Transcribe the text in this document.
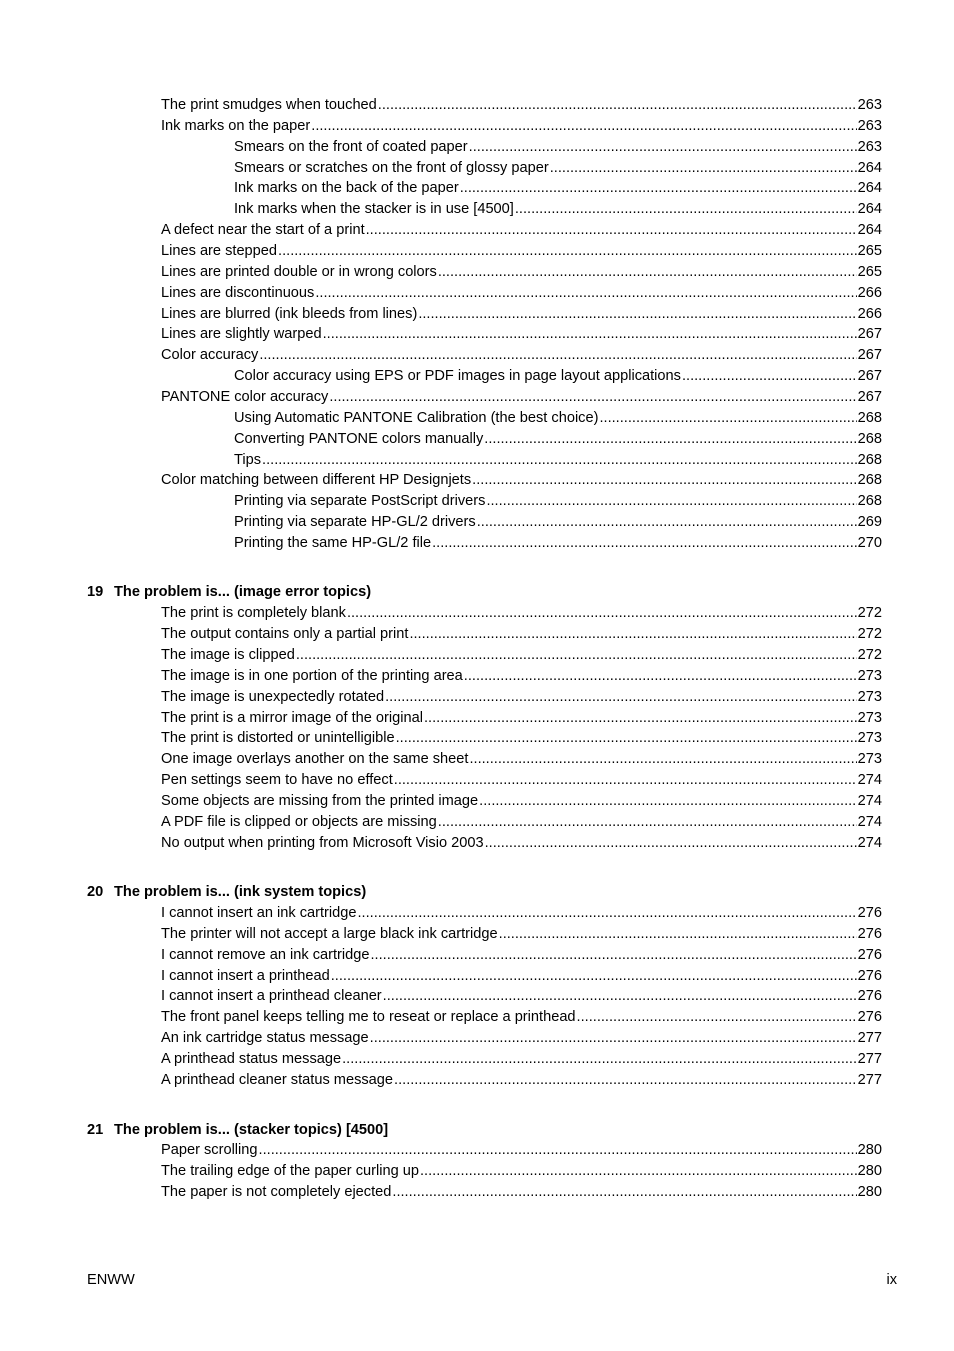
The print smudges when touched .....	263
Ink marks on the paper .....	263
Smears on the front of coated paper .....	263
Smears or scratches on the front of glossy paper .....	264
Ink marks on the back of the paper .....	264
Ink marks when the stacker is in use [4500] .....	264
A defect near the start of a print .....	264
Lines are stepped .....	265
Lines are printed double or in wrong colors .....	265
Lines are discontinuous .....	266
Lines are blurred (ink bleeds from lines) .....	266
Lines are slightly warped .....	267
Color accuracy .....	267
Color accuracy using EPS or PDF images in page layout applications .....	267
PANTONE color accuracy .....	267
Using Automatic PANTONE Calibration (the best choice) .....	268
Converting PANTONE colors manually .....	268
Tips .....	268
Color matching between different HP Designjets .....	268
Printing via separate PostScript drivers .....	268
Printing via separate HP-GL/2 drivers .....	269
Printing the same HP-GL/2 file .....	270
19 The problem is... (image error topics)
The print is completely blank .....	272
The output contains only a partial print .....	272
The image is clipped .....	272
The image is in one portion of the printing area .....	273
The image is unexpectedly rotated .....	273
The print is a mirror image of the original .....	273
The print is distorted or unintelligible .....	273
One image overlays another on the same sheet .....	273
Pen settings seem to have no effect .....	274
Some objects are missing from the printed image .....	274
A PDF file is clipped or objects are missing .....	274
No output when printing from Microsoft Visio 2003 .....	274
20 The problem is... (ink system topics)
I cannot insert an ink cartridge .....	276
The printer will not accept a large black ink cartridge .....	276
I cannot remove an ink cartridge .....	276
I cannot insert a printhead .....	276
I cannot insert a printhead cleaner .....	276
The front panel keeps telling me to reseat or replace a printhead .....	276
An ink cartridge status message .....	277
A printhead status message .....	277
A printhead cleaner status message .....	277
21 The problem is... (stacker topics) [4500]
Paper scrolling .....	280
The trailing edge of the paper curling up .....	280
The paper is not completely ejected .....	280
ENWW	ix
